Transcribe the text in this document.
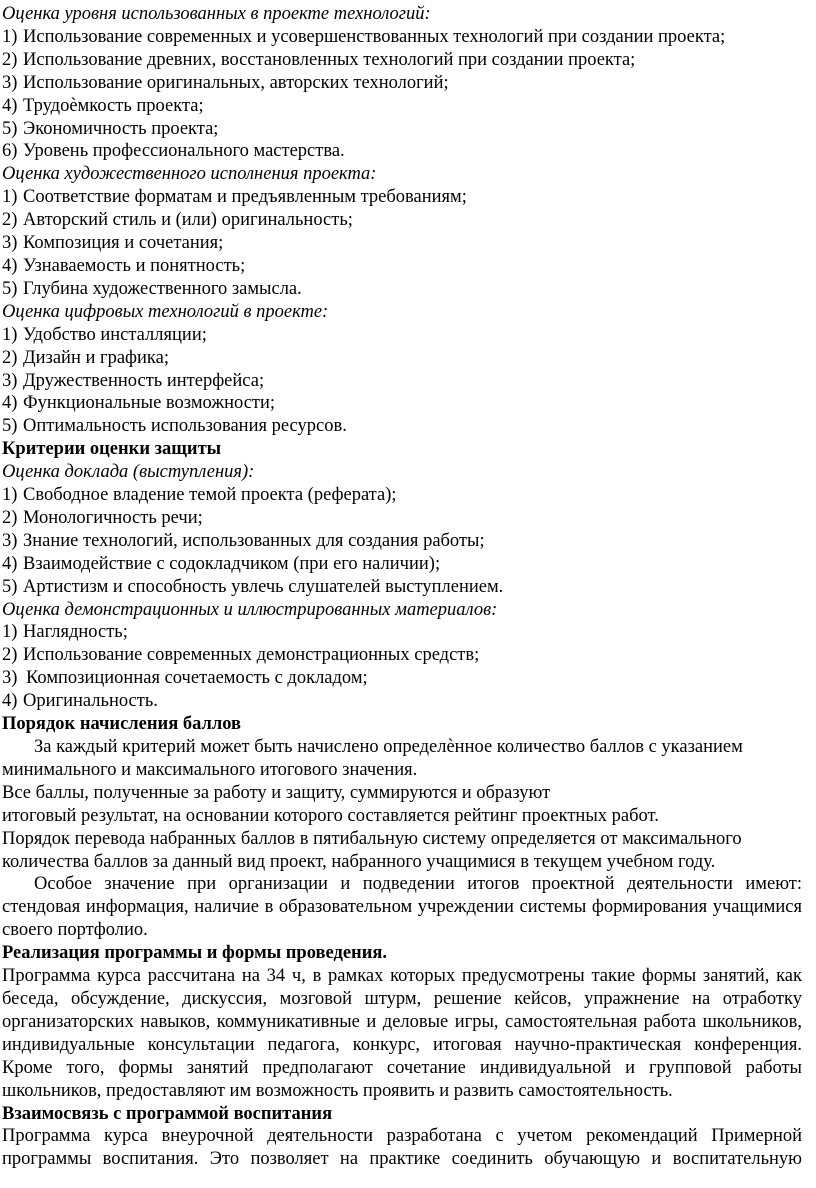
Оценка уровня использованных в проекте технологий:
1) Использование современных и усовершенствованных технологий при создании проекта;
2) Использование древних, восстановленных технологий при создании проекта;
3) Использование оригинальных, авторских технологий;
4) Трудоѐмкость проекта;
5) Экономичность проекта;
6) Уровень профессионального мастерства.
Оценка художественного исполнения проекта:
1) Соответствие форматам и предъявленным требованиям;
2) Авторский стиль и (или) оригинальность;
3) Композиция и сочетания;
4) Узнаваемость и понятность;
5) Глубина художественного замысла.
Оценка цифровых технологий в проекте:
1) Удобство инсталляции;
2) Дизайн и графика;
3) Дружественность интерфейса;
4) Функциональные возможности;
5) Оптимальность использования ресурсов.
Критерии оценки защиты
Оценка доклада (выступления):
1) Свободное владение темой проекта (реферата);
2) Монологичность речи;
3) Знание технологий, использованных для создания работы;
4) Взаимодействие с содокладчиком (при его наличии);
5) Артистизм и способность увлечь слушателей выступлением.
Оценка демонстрационных и иллюстрированных материалов:
1) Наглядность;
2) Использование современных демонстрационных средств;
3) Композиционная сочетаемость с докладом;
4) Оригинальность.
Порядок начисления баллов
За каждый критерий может быть начислено определѐнное количество баллов с указанием
минимального и максимального итогового значения.
Все баллы, полученные за работу и защиту, суммируются и образуют
итоговый результат, на основании которого составляется рейтинг проектных работ.
Порядок перевода набранных баллов в пятибальную систему определяется от максимального
количества баллов за данный вид проект, набранного учащимися в текущем учебном году.
Особое значение при организации и подведении итогов проектной деятельности имеют: стендовая информация, наличие в образовательном учреждении системы формирования учащимися своего портфолио.
Реализация программы и формы проведения.
Программа курса рассчитана на 34 ч, в рамках которых предусмотрены такие формы занятий, как беседа, обсуждение, дискуссия, мозговой штурм, решение кейсов, упражнение на отработку организаторских навыков, коммуникативные и деловые игры, самостоятельная работа школьников, индивидуальные консультации педагога, конкурс, итоговая научно-практическая конференция. Кроме того, формы занятий предполагают сочетание индивидуальной и групповой работы школьников, предоставляют им возможность проявить и развить самостоятельность.
Взаимосвязь с программой воспитания
Программа курса внеурочной деятельности разработана с учетом рекомендаций Примерной
программы воспитания. Это позволяет на практике соединить обучающую и воспитательную
